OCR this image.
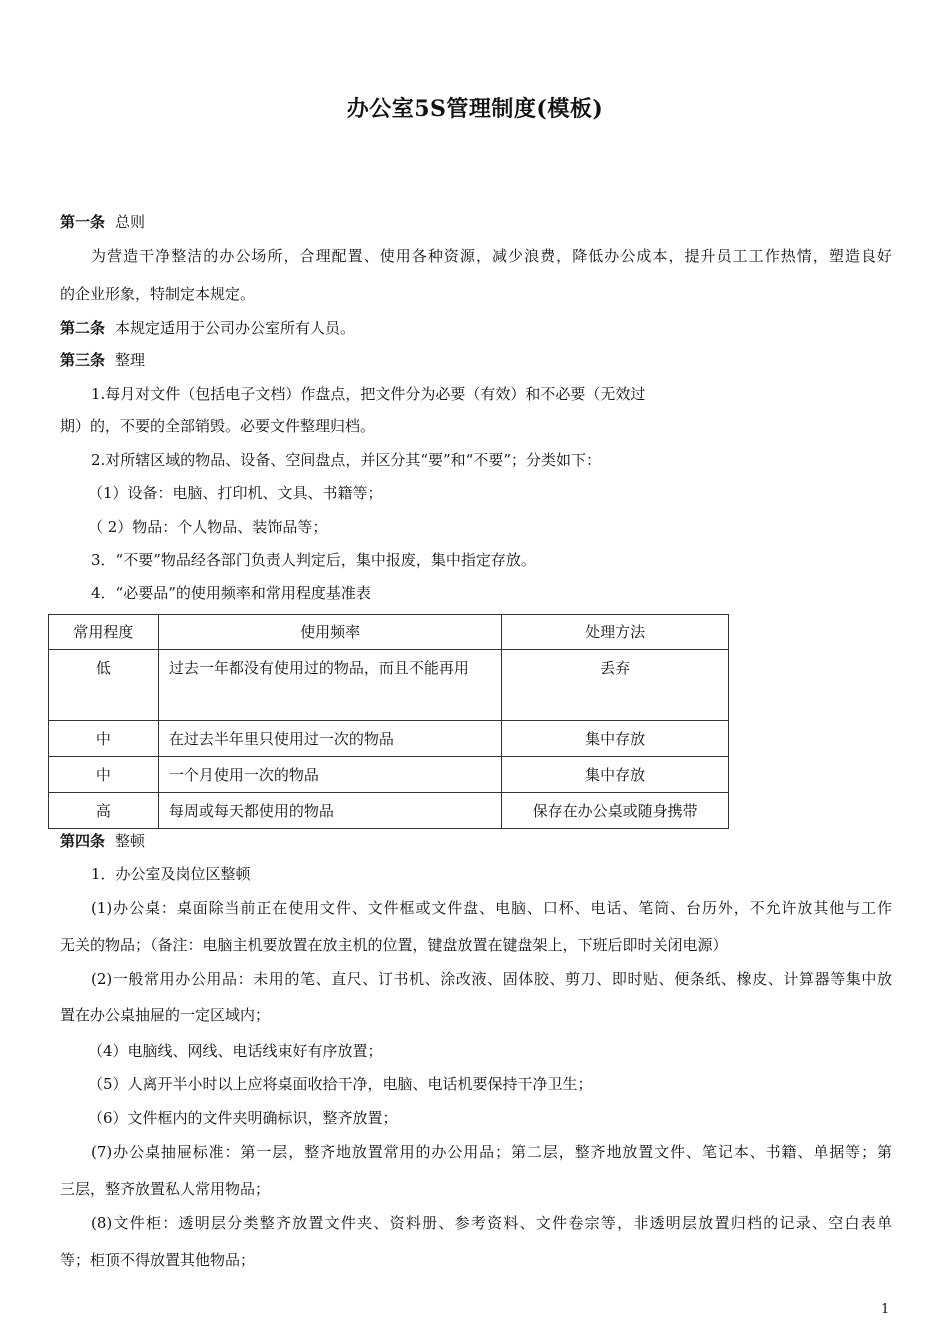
办公室5S管理制度(模板)
第一条 总则
为营造干净整洁的办公场所，合理配置、使用各种资源，减少浪费，降低办公成本，提升员工工作热情，塑造良好
的企业形象，特制定本规定。
第二条 本规定适用于公司办公室所有人员。
第三条 整理
1.每月对文件（包括电子文档）作盘点，把文件分为必要（有效）和不必要（无效过
期）的，不要的全部销毁。必要文件整理归档。
2.对所辖区域的物品、设备、空间盘点，并区分其“要”和“不要”；分类如下：
（1）设备：电脑、打印机、文具、书籍等；
（ 2）物品：个人物品、装饰品等；
3．“不要”物品经各部门负责人判定后，集中报废，集中指定存放。
4．“必要品”的使用频率和常用程度基准表
常用程度	使用频率	处理方法

低	过去一年都没有使用过的物品，而且不能再用	丢弃

中	在过去半年里只使用过一次的物品	集中存放
中	一个月使用一次的物品	集中存放
高	每周或每天都使用的物品	保存在办公桌或随身携带
第四条 整顿
1．办公室及岗位区整顿
(1)办公桌：桌面除当前正在使用文件、文件框或文件盘、电脑、口杯、电话、笔筒、台历外，不允许放其他与工作
无关的物品；（备注：电脑主机要放置在放主机的位置，键盘放置在键盘架上，下班后即时关闭电源）
(2)一般常用办公用品：未用的笔、直尺、订书机、涂改液、固体胶、剪刀、即时贴、便条纸、橡皮、计算器等集中放
置在办公桌抽屉的一定区域内；
（4）电脑线、网线、电话线束好有序放置；
（5）人离开半小时以上应将桌面收拾干净，电脑、电话机要保持干净卫生；
（6）文件框内的文件夹明确标识，整齐放置；
(7)办公桌抽屉标准：第一层，整齐地放置常用的办公用品；第二层，整齐地放置文件、笔记本、书籍、单据等；第
三层，整齐放置私人常用物品；
(8)文件柜：透明层分类整齐放置文件夹、资料册、参考资料、文件卷宗等，非透明层放置归档的记录、空白表单
等；柜顶不得放置其他物品；
1
